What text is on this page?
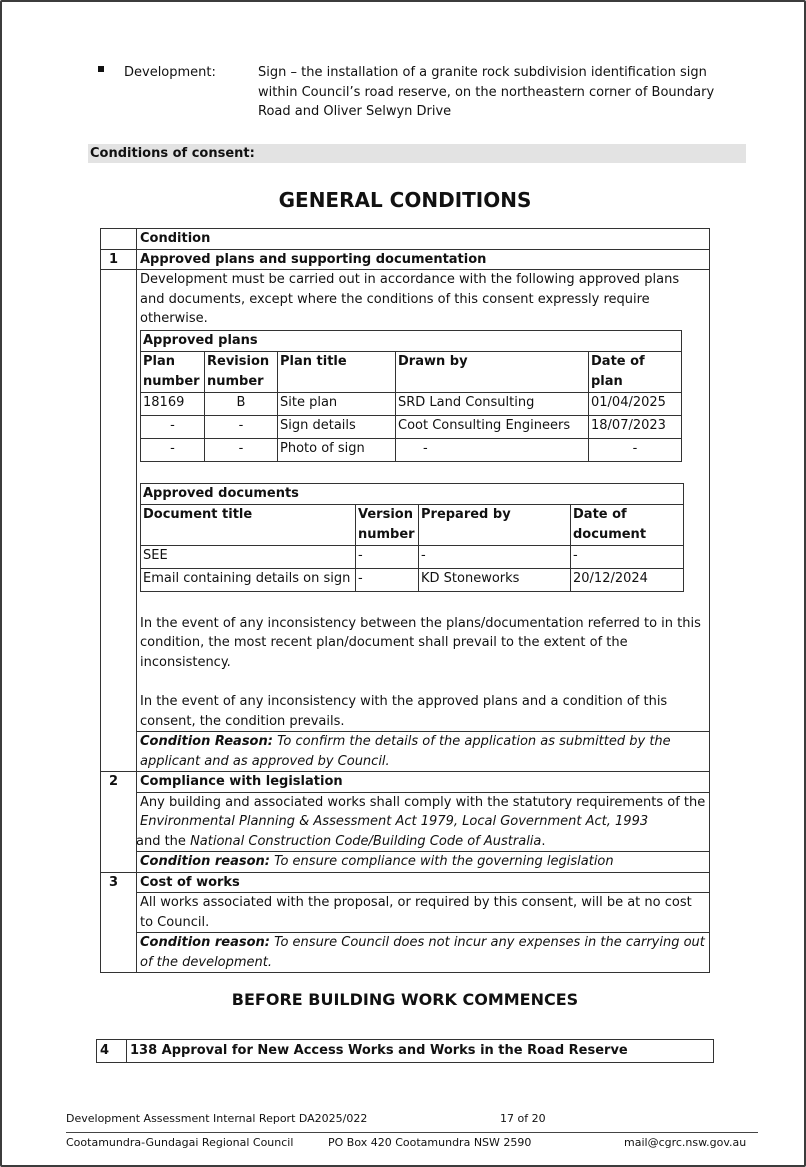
Development:	Sign – the installation of a granite rock subdivision identification sign within Council’s road reserve, on the northeastern corner of Boundary Road and Oliver Selwyn Drive
Conditions of consent:
GENERAL CONDITIONS
	Condition
1	Approved plans and supporting documentation

Development must be carried out in accordance with the following approved plans and documents, except where the conditions of this consent expressly require otherwise.
Approved plans
Plan number	Revision number	Plan title	Drawn by	Date of plan
18169	B	Site plan	SRD Land Consulting	01/04/2025
-	-	Sign details	Coot Consulting Engineers	18/07/2023
-	-	Photo of sign	-	-
Approved documents
Document title	Version number	Prepared by	Date of document
SEE	-	-	-
Email containing details on sign	-	KD Stoneworks	20/12/2024
In the event of any inconsistency between the plans/documentation referred to in this condition, the most recent plan/document shall prevail to the extent of the inconsistency.
In the event of any inconsistency with the approved plans and a condition of this consent, the condition prevails.

	Condition Reason: To confirm the details of the application as submitted by the applicant and as approved by Council.
2	Compliance with legislation
	Any building and associated works shall comply with the statutory requirements of the Environmental Planning & Assessment Act 1979, Local Government Act, 1993
and the National Construction Code/Building Code of Australia.
	Condition reason: To ensure compliance with the governing legislation
3	Cost of works
	All works associated with the proposal, or required by this consent, will be at no cost to Council.
	Condition reason: To ensure Council does not incur any expenses in the carrying out of the development.
BEFORE BUILDING WORK COMMENCES
4	138 Approval for New Access Works and Works in the Road Reserve
Development Assessment Internal Report DA2025/022	17 of 20
Cootamundra-Gundagai Regional Council	PO Box 420 Cootamundra NSW 2590	mail@cgrc.nsw.gov.au
